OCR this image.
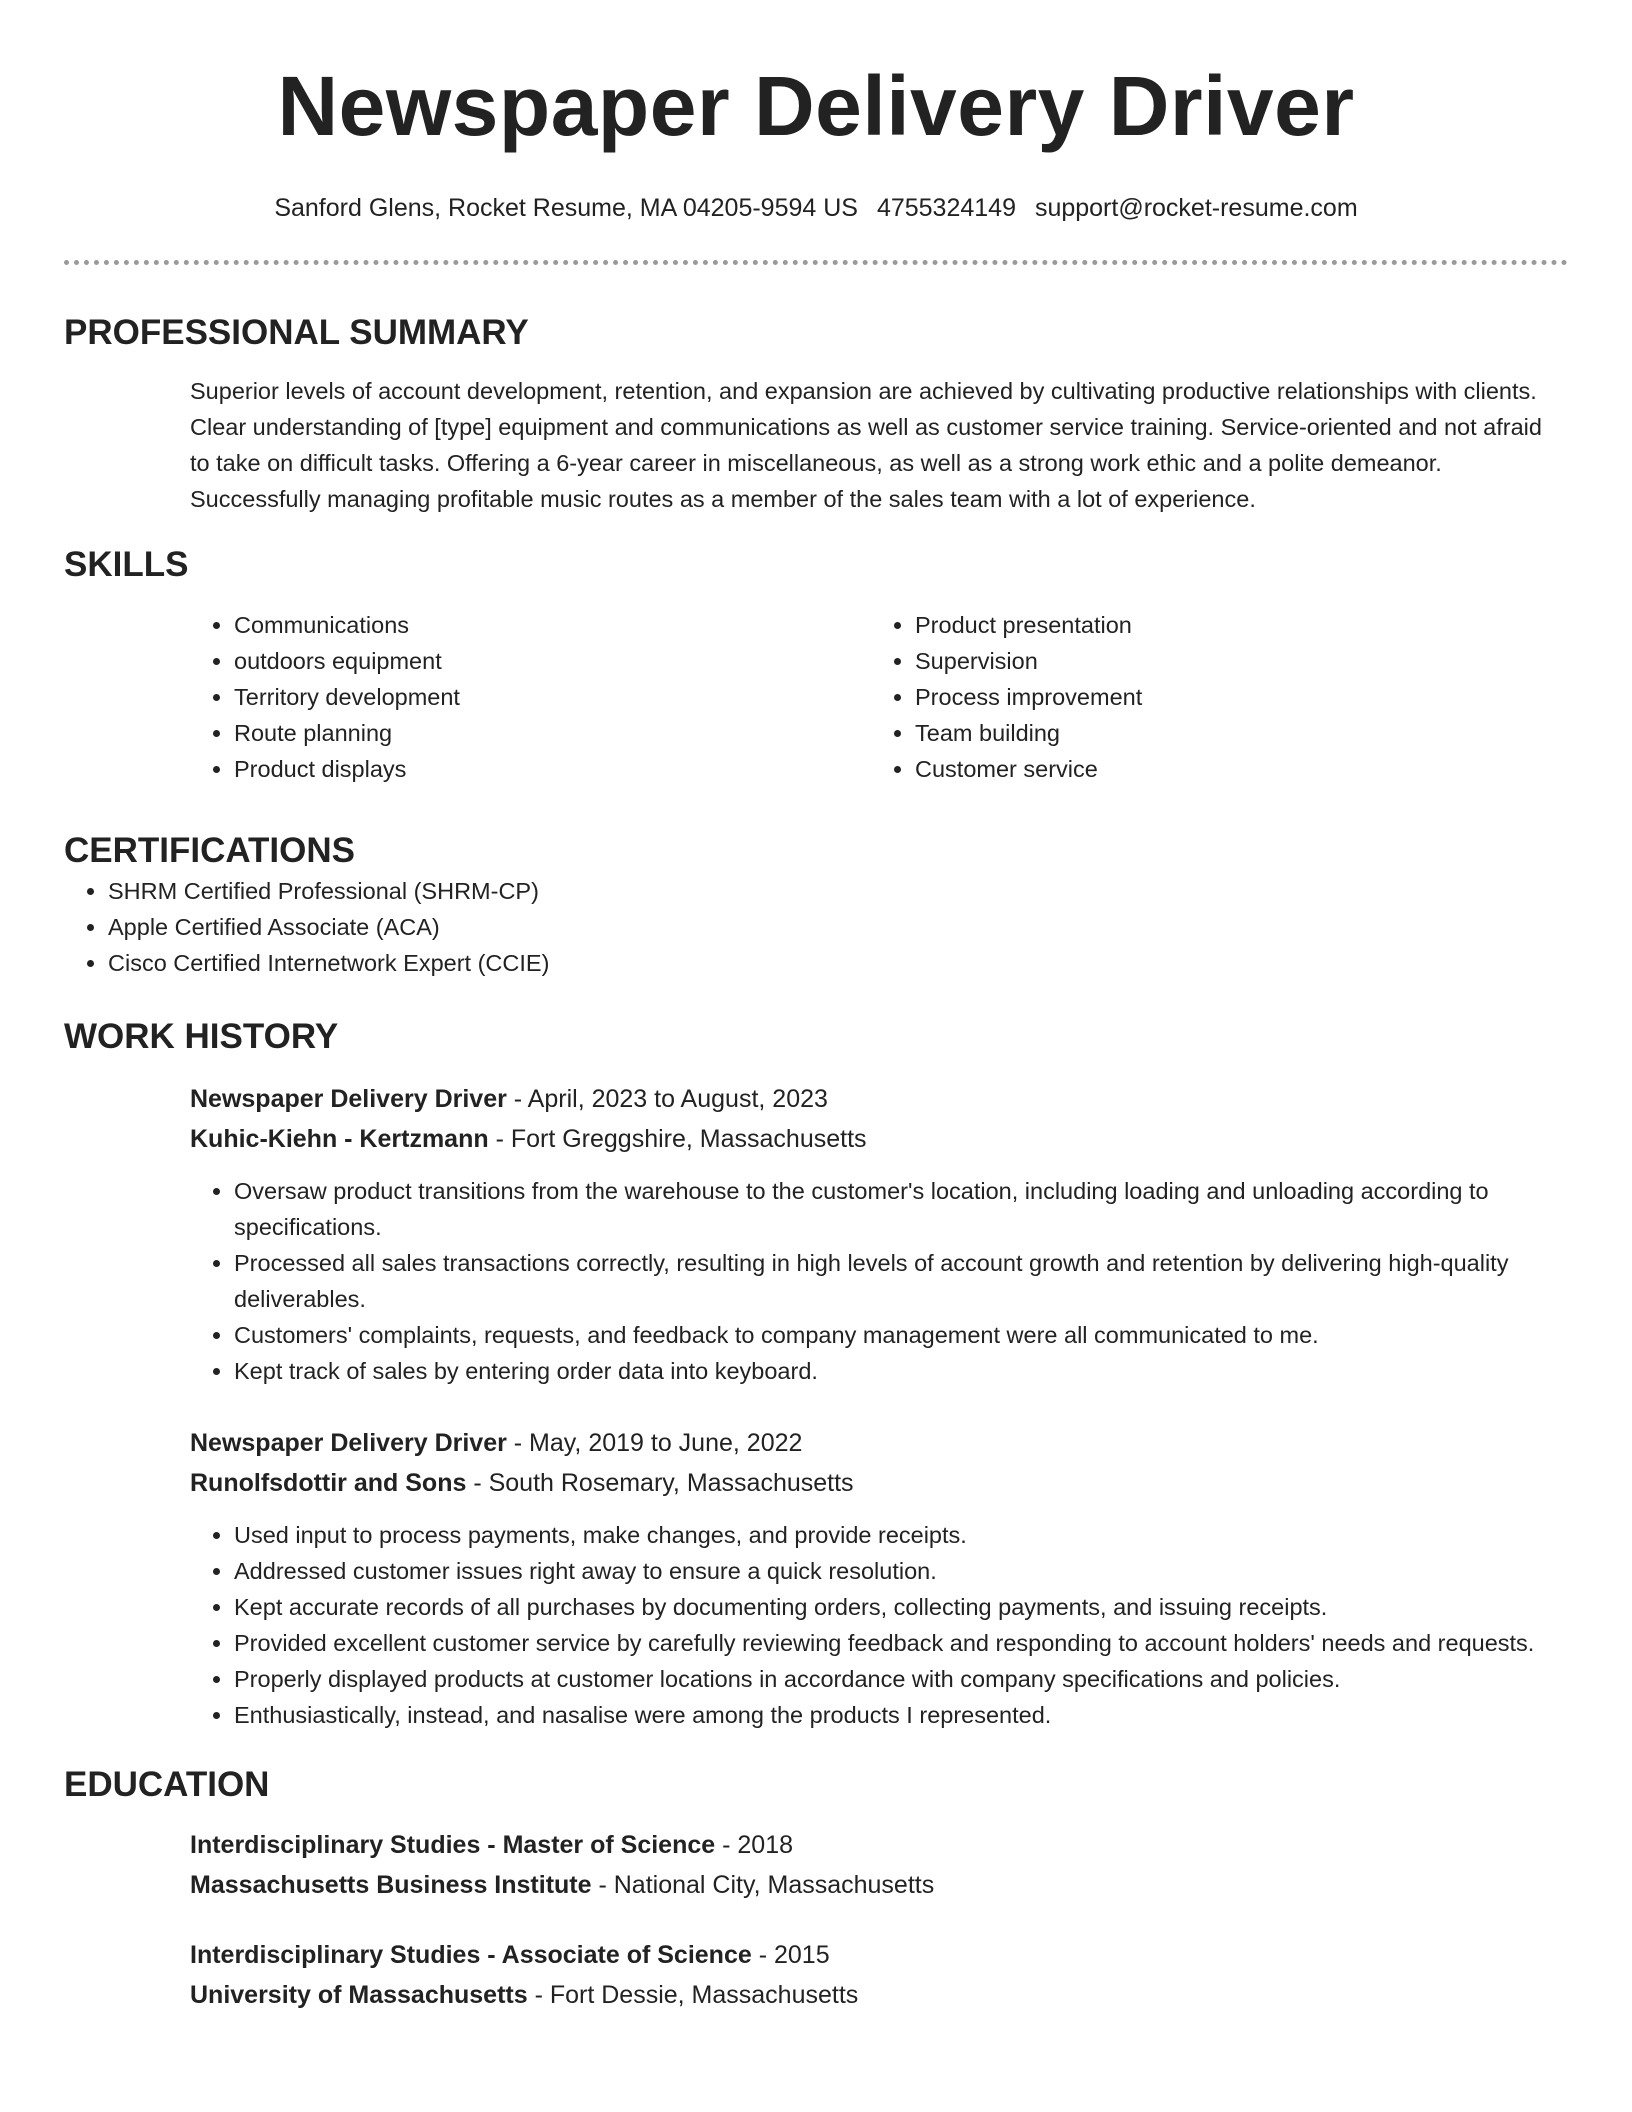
Newspaper Delivery Driver
Sanford Glens, Rocket Resume, MA 04205-9594 US 4755324149 support@rocket-resume.com
PROFESSIONAL SUMMARY

Superior levels of account development, retention, and expansion are achieved by cultivating productive relationships with clients. Clear understanding of [type] equipment and communications as well as customer service training. Service-oriented and not afraid to take on difficult tasks. Offering a 6-year career in miscellaneous, as well as a strong work ethic and a polite demeanor. Successfully managing profitable music routes as a member of the sales team with a lot of experience.

SKILLS
• Communications
• outdoors equipment
• Territory development
• Route planning
• Product displays
• Product presentation
• Supervision
• Process improvement
• Team building
• Customer service
CERTIFICATIONS
• SHRM Certified Professional (SHRM-CP)
• Apple Certified Associate (ACA)
• Cisco Certified Internetwork Expert (CCIE)
WORK HISTORY
Newspaper Delivery Driver - April, 2023 to August, 2023
Kuhic-Kiehn - Kertzmann - Fort Greggshire, Massachusetts
• Oversaw product transitions from the warehouse to the customer's location, including loading and unloading according to specifications.
• Processed all sales transactions correctly, resulting in high levels of account growth and retention by delivering high-quality deliverables.
• Customers' complaints, requests, and feedback to company management were all communicated to me.
• Kept track of sales by entering order data into keyboard.
Newspaper Delivery Driver - May, 2019 to June, 2022
Runolfsdottir and Sons - South Rosemary, Massachusetts
• Used input to process payments, make changes, and provide receipts.
• Addressed customer issues right away to ensure a quick resolution.
• Kept accurate records of all purchases by documenting orders, collecting payments, and issuing receipts.
• Provided excellent customer service by carefully reviewing feedback and responding to account holders' needs and requests.
• Properly displayed products at customer locations in accordance with company specifications and policies.
• Enthusiastically, instead, and nasalise were among the products I represented.
EDUCATION
Interdisciplinary Studies - Master of Science - 2018
Massachusetts Business Institute - National City, Massachusetts
Interdisciplinary Studies - Associate of Science - 2015
University of Massachusetts - Fort Dessie, Massachusetts
